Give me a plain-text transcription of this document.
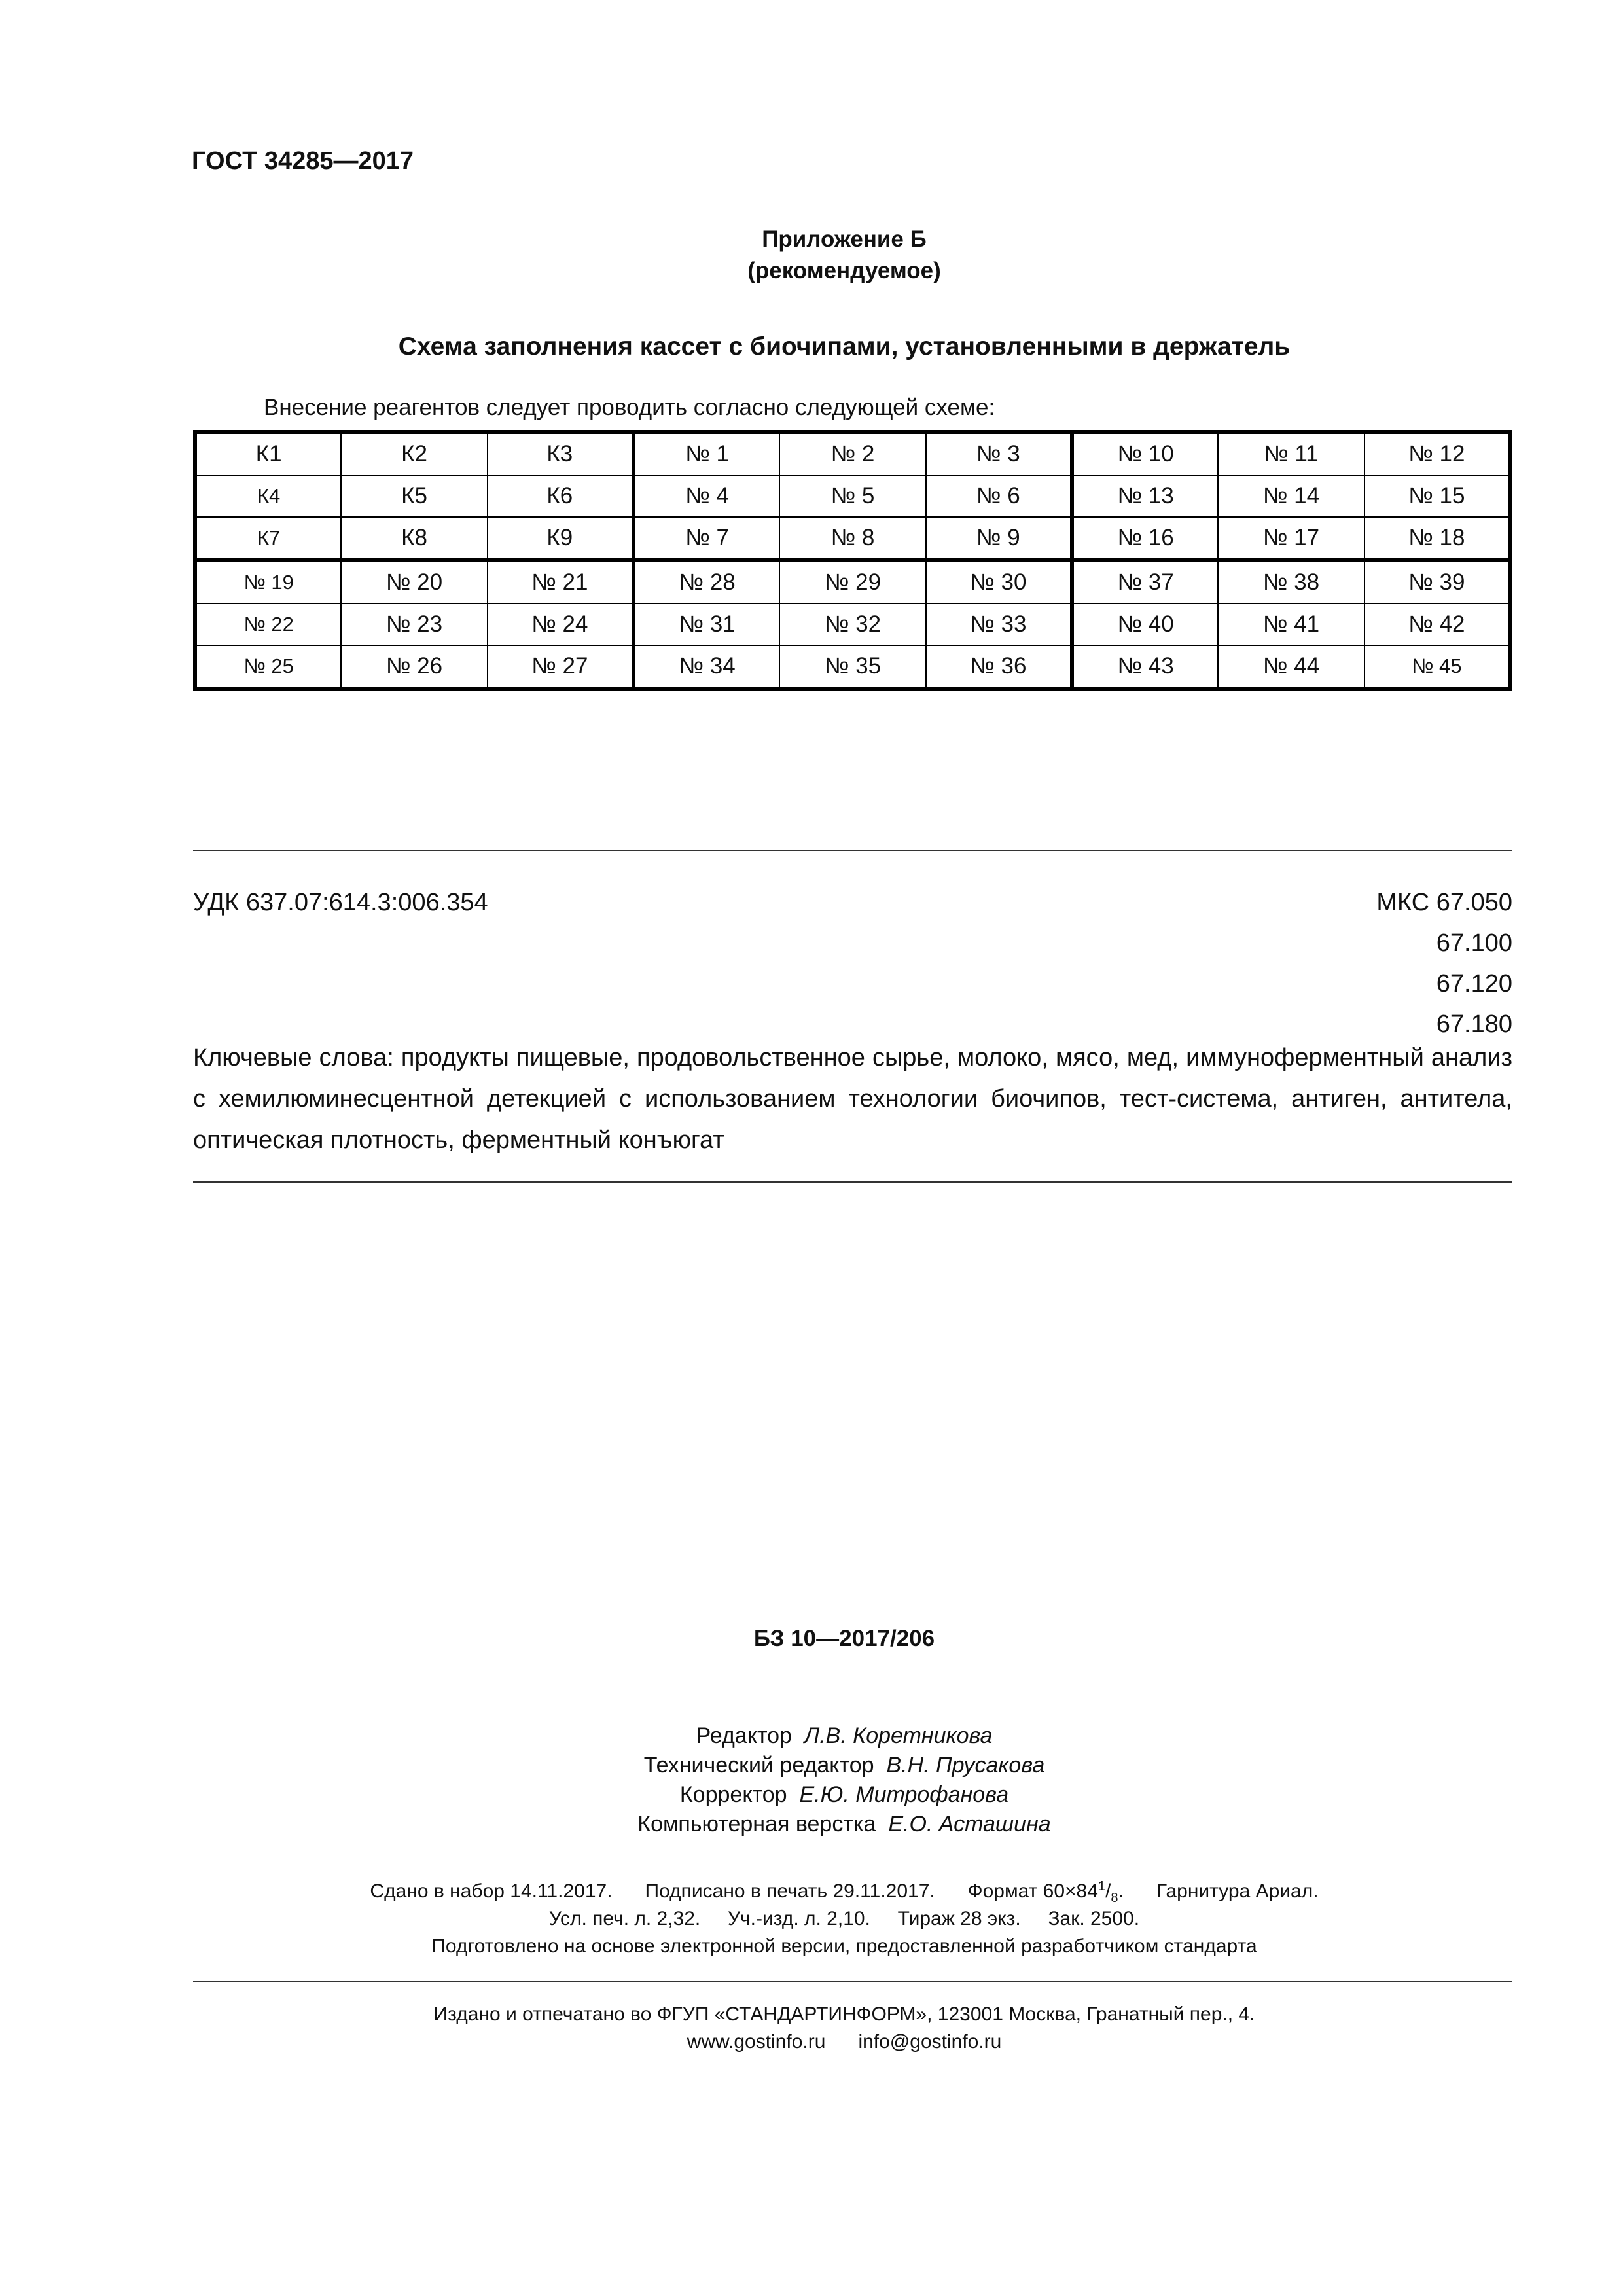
ГОСТ 34285—2017
Приложение Б
(рекомендуемое)
Схема заполнения кассет с биочипами, установленными в держатель
Внесение реагентов следует проводить согласно следующей схеме:
К1	К2	К3	№ 1	№ 2	№ 3	№ 10	№ 11	№ 12
К4	К5	К6	№ 4	№ 5	№ 6	№ 13	№ 14	№ 15
К7	К8	К9	№ 7	№ 8	№ 9	№ 16	№ 17	№ 18
№ 19	№ 20	№ 21	№ 28	№ 29	№ 30	№ 37	№ 38	№ 39
№ 22	№ 23	№ 24	№ 31	№ 32	№ 33	№ 40	№ 41	№ 42
№ 25	№ 26	№ 27	№ 34	№ 35	№ 36	№ 43	№ 44	№ 45
УДК 637.07:614.3:006.354	МКС 67.050
67.100
67.120
67.180
Ключевые слова: продукты пищевые, продовольственное сырье, молоко, мясо, мед, иммуноферментный анализ с хемилюминесцентной детекцией с использованием технологии биочипов, тест-система, антиген, антитела, оптическая плотность, ферментный конъюгат
БЗ 10—2017/206
Редактор Л.В. Коретникова
Технический редактор В.Н. Прусакова
Корректор Е.Ю. Митрофанова
Компьютерная верстка Е.О. Асташина
Сдано в набор 14.11.2017. Подписано в печать 29.11.2017. Формат $60\times 84^1/_8$. Гарнитура Ариал.
Усл. печ. л. 2,32. Уч.-изд. л. 2,10. Тираж 28 экз. Зак. 2500.
Подготовлено на основе электронной версии, предоставленной разработчиком стандарта
Издано и отпечатано во ФГУП «СТАНДАРТИНФОРМ», 123001 Москва, Гранатный пер., 4.
www.gostinfo.ru info@gostinfo.ru
